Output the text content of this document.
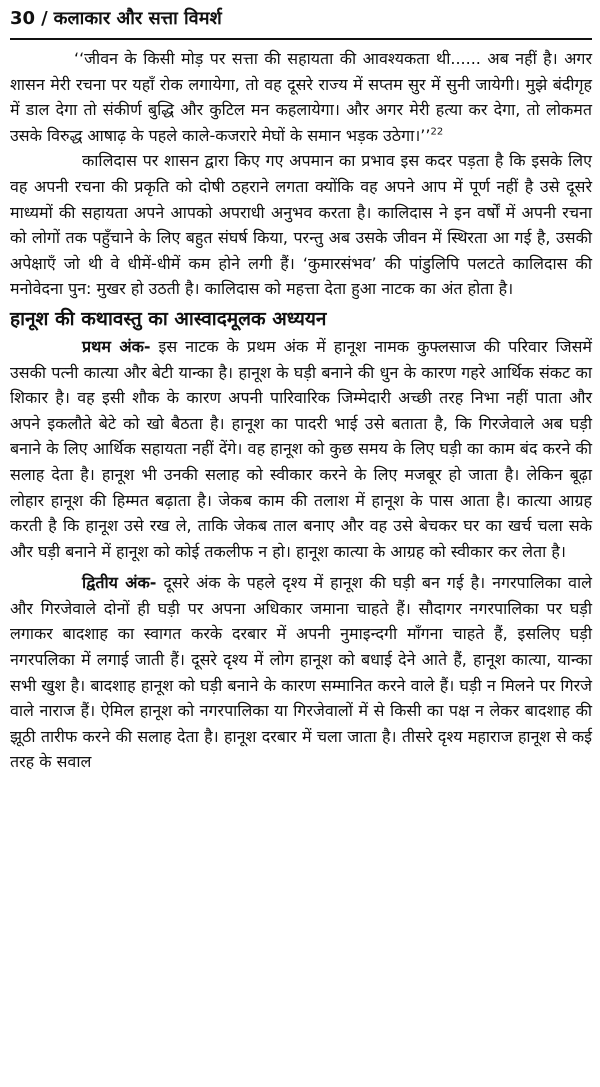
30 / कलाकार और सत्ता विमर्श

‘‘जीवन के किसी मोड़ पर सत्ता की सहायता की आवश्यकता थी...... अब नहीं है। अगर शासन मेरी रचना पर यहाँ रोक लगायेगा, तो वह दूसरे राज्य में सप्तम सुर में सुनी जायेगी। मुझे बंदीगृह में डाल देगा तो संकीर्ण बुद्धि और कुटिल मन कहलायेगा। और अगर मेरी हत्या कर देगा, तो लोकमत उसके विरुद्ध आषाढ़ के पहले काले-कजरारे मेघों के समान भड़क उठेगा।’’$^{22}$

कालिदास पर शासन द्वारा किए गए अपमान का प्रभाव इस कदर पड़ता है कि इसके लिए वह अपनी रचना की प्रकृति को दोषी ठहराने लगता क्योंकि वह अपने आप में पूर्ण नहीं है उसे दूसरे माध्यमों की सहायता अपने आपको अपराधी अनुभव करता है। कालिदास ने इन वर्षों में अपनी रचना को लोगों तक पहुँचाने के लिए बहुत संघर्ष किया, परन्तु अब उसके जीवन में स्थिरता आ गई है, उसकी अपेक्षाएँ जो थी वे धीमें-धीमें कम होने लगी हैं। ‘कुमारसंभव’ की पांडुलिपि पलटते कालिदास की मनोवेदना पुन: मुखर हो उठती है। कालिदास को महत्ता देता हुआ नाटक का अंत होता है।

हानूश की कथावस्तु का आस्वादमूलक अध्ययन

प्रथम अंक- इस नाटक के प्रथम अंक में हानूश नामक कुफ्लसाज की परिवार जिसमें उसकी पत्नी कात्या और बेटी यान्का है। हानूश के घड़ी बनाने की धुन के कारण गहरे आर्थिक संकट का शिकार है। वह इसी शौक के कारण अपनी पारिवारिक जिम्मेदारी अच्छी तरह निभा नहीं पाता और अपने इकलौते बेटे को खो बैठता है। हानूश का पादरी भाई उसे बताता है, कि गिरजेवाले अब घड़ी बनाने के लिए आर्थिक सहायता नहीं देंगे। वह हानूश को कुछ समय के लिए घड़ी का काम बंद करने की सलाह देता है। हानूश भी उनकी सलाह को स्वीकार करने के लिए मजबूर हो जाता है। लेकिन बूढ़ा लोहार हानूश की हिम्मत बढ़ाता है। जेकब काम की तलाश में हानूश के पास आता है। कात्या आग्रह करती है कि हानूश उसे रख ले, ताकि जेकब ताल बनाए और वह उसे बेचकर घर का खर्च चला सके और घड़ी बनाने में हानूश को कोई तकलीफ न हो। हानूश कात्या के आग्रह को स्वीकार कर लेता है।

द्वितीय अंक- दूसरे अंक के पहले दृश्य में हानूश की घड़ी बन गई है। नगरपालिका वाले और गिरजेवाले दोनों ही घड़ी पर अपना अधिकार जमाना चाहते हैं। सौदागर नगरपालिका पर घड़ी लगाकर बादशाह का स्वागत करके दरबार में अपनी नुमाइन्दगी माँगना चाहते हैं, इसलिए घड़ी नगरपलिका में लगाई जाती हैं। दूसरे दृश्य में लोग हानूश को बधाई देने आते हैं, हानूश कात्या, यान्का सभी खुश है। बादशाह हानूश को घड़ी बनाने के कारण सम्मानित करने वाले हैं। घड़ी न मिलने पर गिरजे वाले नाराज हैं। ऐमिल हानूश को नगरपालिका या गिरजेवालों में से किसी का पक्ष न लेकर बादशाह की झूठी तारीफ करने की सलाह देता है। हानूश दरबार में चला जाता है। तीसरे दृश्य महाराज हानूश से कई तरह के सवाल
